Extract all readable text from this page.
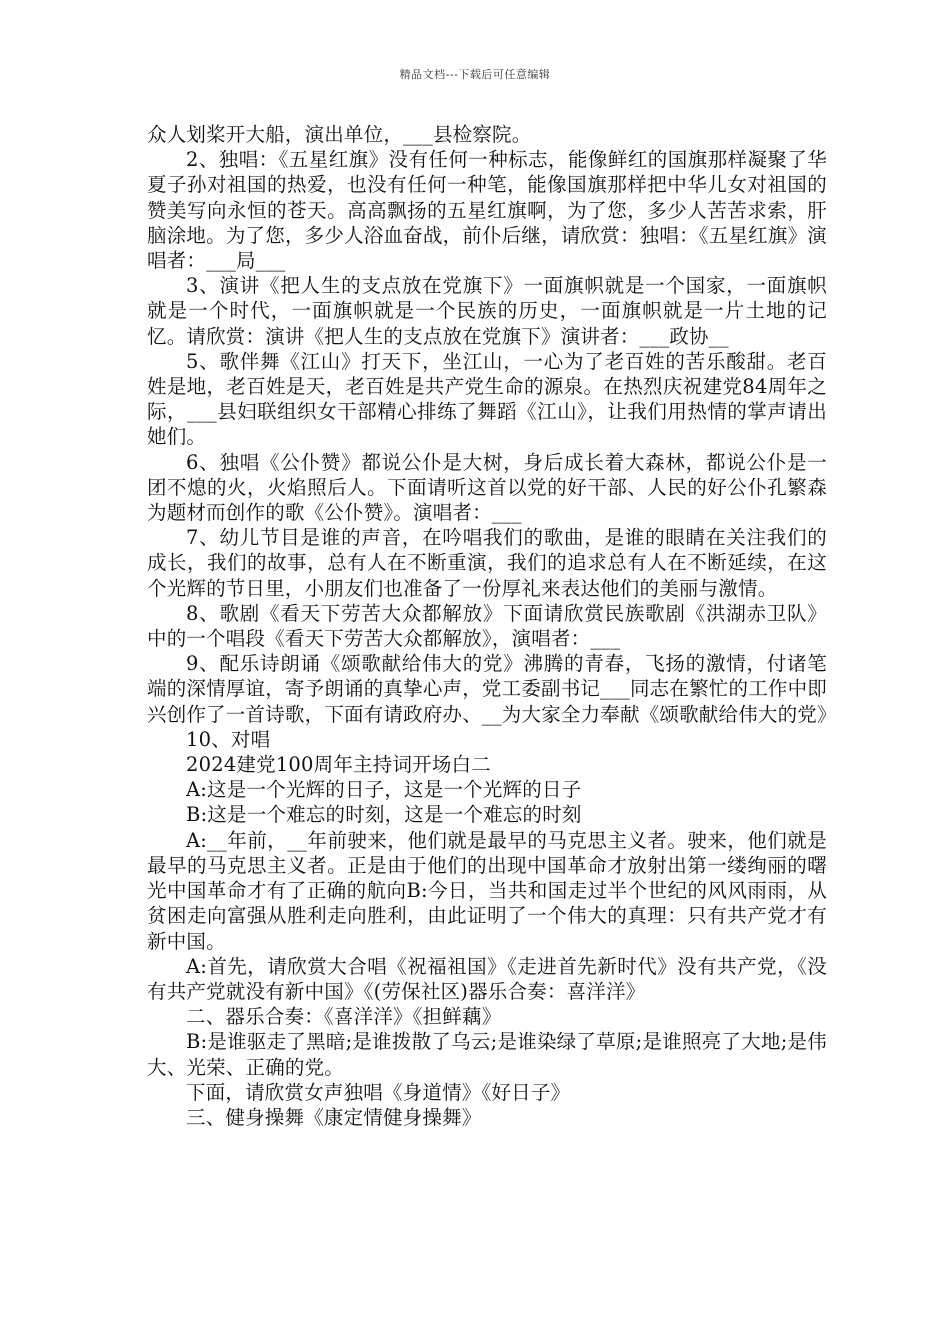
精品文档---下载后可任意编辑

众人划桨开大船，演出单位，___县检察院。

2、独唱：《五星红旗》没有任何一种标志，能像鲜红的国旗那样凝聚了华夏子孙对祖国的热爱，也没有任何一种笔，能像国旗那样把中华儿女对祖国的赞美写向永恒的苍天。高高飘扬的五星红旗啊，为了您，多少人苦苦求索，肝脑涂地。为了您，多少人浴血奋战，前仆后继，请欣赏：独唱：《五星红旗》演唱者：___局___

3、演讲《把人生的支点放在党旗下》一面旗帜就是一个国家，一面旗帜就是一个时代，一面旗帜就是一个民族的历史，一面旗帜就是一片土地的记忆。请欣赏：演讲《把人生的支点放在党旗下》演讲者：___政协__

5、歌伴舞《江山》打天下，坐江山，一心为了老百姓的苦乐酸甜。老百姓是地，老百姓是天，老百姓是共产党生命的源泉。在热烈庆祝建党84周年之际，___县妇联组织女干部精心排练了舞蹈《江山》，让我们用热情的掌声请出她们。

6、独唱《公仆赞》都说公仆是大树，身后成长着大森林，都说公仆是一团不熄的火，火焰照后人。下面请听这首以党的好干部、人民的好公仆孔繁森为题材而创作的歌《公仆赞》。演唱者：___

7、幼儿节目是谁的声音，在吟唱我们的歌曲，是谁的眼睛在关注我们的成长，我们的故事，总有人在不断重演，我们的追求总有人在不断延续，在这个光辉的节日里，小朋友们也准备了一份厚礼来表达他们的美丽与激情。

8、歌剧《看天下劳苦大众都解放》下面请欣赏民族歌剧《洪湖赤卫队》中的一个唱段《看天下劳苦大众都解放》，演唱者：___

9、配乐诗朗诵《颂歌献给伟大的党》沸腾的青春，飞扬的激情，付诸笔端的深情厚谊，寄予朗诵的真挚心声，党工委副书记___同志在繁忙的工作中即兴创作了一首诗歌，下面有请政府办、__为大家全力奉献《颂歌献给伟大的党》

10、对唱

2024建党100周年主持词开场白二

A:这是一个光辉的日子，这是一个光辉的日子

B:这是一个难忘的时刻，这是一个难忘的时刻

A:__年前，__年前驶来，他们就是最早的马克思主义者。驶来，他们就是最早的马克思主义者。正是由于他们的出现中国革命才放射出第一缕绚丽的曙光中国革命才有了正确的航向B:今日，当共和国走过半个世纪的风风雨雨，从贫困走向富强从胜利走向胜利，由此证明了一个伟大的真理：只有共产党才有新中国。

A:首先，请欣赏大合唱《祝福祖国》《走进首先新时代》没有共产党，《没有共产党就没有新中国》《(劳保社区)器乐合奏：喜洋洋》

二、器乐合奏：《喜洋洋》《担鲜藕》

B:是谁驱走了黑暗;是谁拨散了乌云;是谁染绿了草原;是谁照亮了大地;是伟大、光荣、正确的党。

下面，请欣赏女声独唱《身道情》《好日子》

三、健身操舞《康定情健身操舞》
